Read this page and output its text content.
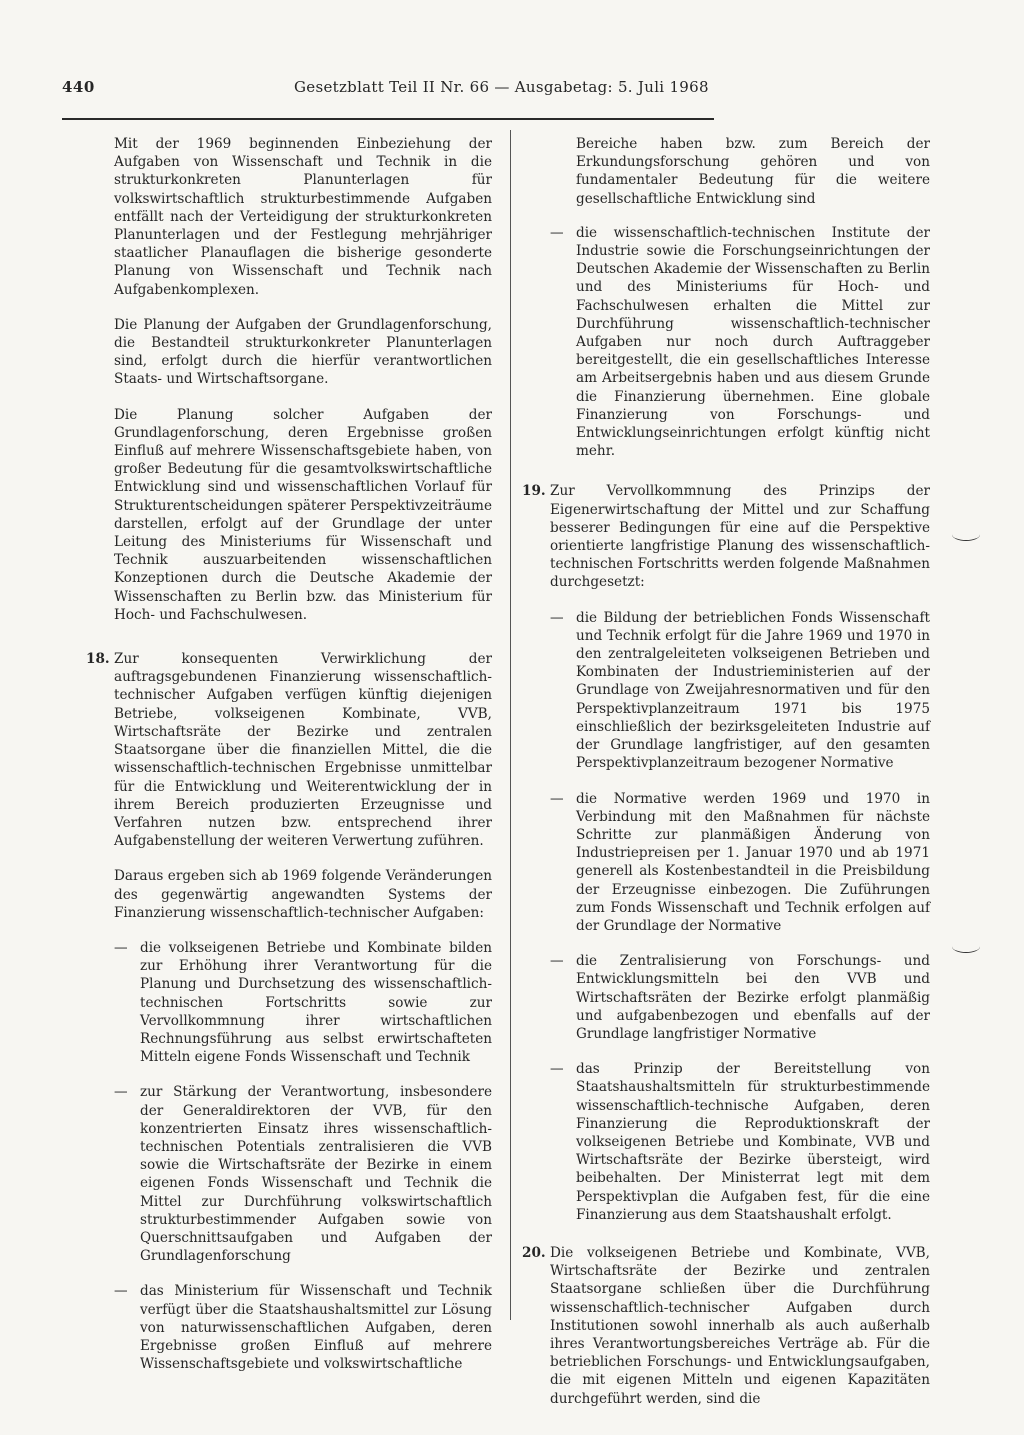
440	Gesetzblatt Teil II Nr. 66 — Ausgabetag: 5. Juli 1968

Mit der 1969 beginnenden Einbeziehung der Aufgaben von Wissenschaft und Technik in die strukturkonkreten Planunterlagen für volkswirtschaftlich strukturbestimmende Aufgaben entfällt nach der Verteidigung der strukturkonkreten Planunterlagen und der Festlegung mehrjähriger staatlicher Planauflagen die bisherige gesonderte Planung von Wissenschaft und Technik nach Aufgabenkomplexen.

Die Planung der Aufgaben der Grundlagenforschung, die Bestandteil strukturkonkreter Planunterlagen sind, erfolgt durch die hierfür verantwortlichen Staats- und Wirtschaftsorgane.

Die Planung solcher Aufgaben der Grundlagenforschung, deren Ergebnisse großen Einfluß auf mehrere Wissenschaftsgebiete haben, von großer Bedeutung für die gesamtvolkswirtschaftliche Entwicklung sind und wissenschaftlichen Vorlauf für Strukturentscheidungen späterer Perspektivzeiträume darstellen, erfolgt auf der Grundlage der unter Leitung des Ministeriums für Wissenschaft und Technik auszuarbeitenden wissenschaftlichen Konzeptionen durch die Deutsche Akademie der Wissenschaften zu Berlin bzw. das Ministerium für Hoch- und Fachschulwesen.

18. Zur konsequenten Verwirklichung der auftragsgebundenen Finanzierung wissenschaftlich-technischer Aufgaben verfügen künftig diejenigen Betriebe, volkseigenen Kombinate, VVB, Wirtschaftsräte der Bezirke und zentralen Staatsorgane über die finanziellen Mittel, die die wissenschaftlich-technischen Ergebnisse unmittelbar für die Entwicklung und Weiterentwicklung der in ihrem Bereich produzierten Erzeugnisse und Verfahren nutzen bzw. entsprechend ihrer Aufgabenstellung der weiteren Verwertung zuführen.

Daraus ergeben sich ab 1969 folgende Veränderungen des gegenwärtig angewandten Systems der Finanzierung wissenschaftlich-technischer Aufgaben:

— die volkseigenen Betriebe und Kombinate bilden zur Erhöhung ihrer Verantwortung für die Planung und Durchsetzung des wissenschaftlich-technischen Fortschritts sowie zur Vervollkommnung ihrer wirtschaftlichen Rechnungsführung aus selbst erwirtschafteten Mitteln eigene Fonds Wissenschaft und Technik
— zur Stärkung der Verantwortung, insbesondere der Generaldirektoren der VVB, für den konzentrierten Einsatz ihres wissenschaftlich-technischen Potentials zentralisieren die VVB sowie die Wirtschaftsräte der Bezirke in einem eigenen Fonds Wissenschaft und Technik die Mittel zur Durchführung volkswirtschaftlich strukturbestimmender Aufgaben sowie von Querschnittsaufgaben und Aufgaben der Grundlagenforschung
— das Ministerium für Wissenschaft und Technik verfügt über die Staatshaushaltsmittel zur Lösung von naturwissenschaftlichen Aufgaben, deren Ergebnisse großen Einfluß auf mehrere Wissenschaftsgebiete und volkswirtschaftliche

Bereiche haben bzw. zum Bereich der Erkundungsforschung gehören und von fundamentaler Bedeutung für die weitere gesellschaftliche Entwicklung sind

— die wissenschaftlich-technischen Institute der Industrie sowie die Forschungseinrichtungen der Deutschen Akademie der Wissenschaften zu Berlin und des Ministeriums für Hoch- und Fachschulwesen erhalten die Mittel zur Durchführung wissenschaftlich-technischer Aufgaben nur noch durch Auftraggeber bereitgestellt, die ein gesellschaftliches Interesse am Arbeitsergebnis haben und aus diesem Grunde die Finanzierung übernehmen. Eine globale Finanzierung von Forschungs- und Entwicklungseinrichtungen erfolgt künftig nicht mehr.
19. Zur Vervollkommnung des Prinzips der Eigenerwirtschaftung der Mittel und zur Schaffung besserer Bedingungen für eine auf die Perspektive orientierte langfristige Planung des wissenschaftlich-technischen Fortschritts werden folgende Maßnahmen durchgesetzt:
— die Bildung der betrieblichen Fonds Wissenschaft und Technik erfolgt für die Jahre 1969 und 1970 in den zentralgeleiteten volkseigenen Betrieben und Kombinaten der Industrieministerien auf der Grundlage von Zweijahresnormativen und für den Perspektivplanzeitraum 1971 bis 1975 einschließlich der bezirksgeleiteten Industrie auf der Grundlage langfristiger, auf den gesamten Perspektivplanzeitraum bezogener Normative
— die Normative werden 1969 und 1970 in Verbindung mit den Maßnahmen für nächste Schritte zur planmäßigen Änderung von Industriepreisen per 1. Januar 1970 und ab 1971 generell als Kostenbestandteil in die Preisbildung der Erzeugnisse einbezogen. Die Zuführungen zum Fonds Wissenschaft und Technik erfolgen auf der Grundlage der Normative
— die Zentralisierung von Forschungs- und Entwicklungsmitteln bei den VVB und Wirtschaftsräten der Bezirke erfolgt planmäßig und aufgabenbezogen und ebenfalls auf der Grundlage langfristiger Normative
— das Prinzip der Bereitstellung von Staatshaushaltsmitteln für strukturbestimmende wissenschaftlich-technische Aufgaben, deren Finanzierung die Reproduktionskraft der volkseigenen Betriebe und Kombinate, VVB und Wirtschaftsräte der Bezirke übersteigt, wird beibehalten. Der Ministerrat legt mit dem Perspektivplan die Aufgaben fest, für die eine Finanzierung aus dem Staatshaushalt erfolgt.
20. Die volkseigenen Betriebe und Kombinate, VVB, Wirtschaftsräte der Bezirke und zentralen Staatsorgane schließen über die Durchführung wissenschaftlich-technischer Aufgaben durch Institutionen sowohl innerhalb als auch außerhalb ihres Verantwortungsbereiches Verträge ab. Für die betrieblichen Forschungs- und Entwicklungsaufgaben, die mit eigenen Mitteln und eigenen Kapazitäten durchgeführt werden, sind die
